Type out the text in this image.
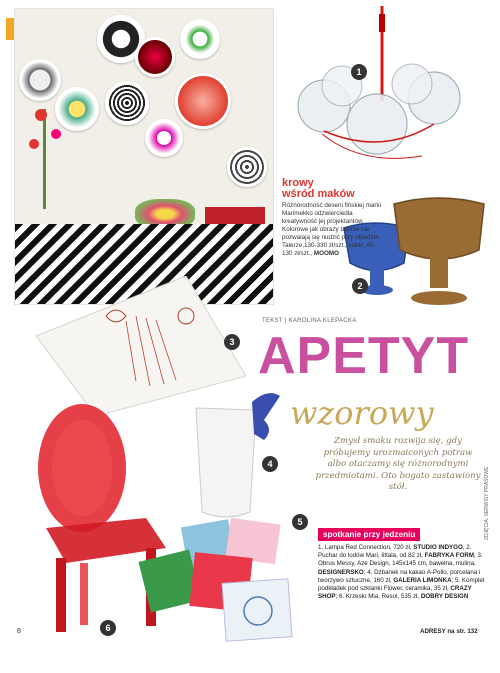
1
2
krowy
wśród maków
Różnorodność deseni fińskiej marki Marimekko odzwierciedla kreatywność jej projektantów. Kolorowe jak obrazy talerze nie pozwalają się nudzić przy obiedzie. Talerze,130-330 zł/szt., kubki, 80-130 zł/szt., MOOMO
3
TEKST | KAROLINA KLEPACKA
APETYT
wzorowy
Zmysł smaku rozwija się, gdy próbujemy urozmaiconych potraw albo otaczamy się różnorodnymi przedmiotami. Oto bogato zastawiony stół.
6
4
5
spotkanie przy jedzeniu
1. Lampa Red Connection, 720 zł, STUDIO INDYGO, 2. Puchar do lodów Mari, Iittala, od 82 zł, FABRYKA FORM, 3. Obrus Messy, Aze Design, 145x145 cm, bawełna, mulina, DESIGNERSKO; 4. Dzbanek na kakao A-Pollo, porcelana i tworzywo sztuczne, 160 zł, GALERIA LIMONKA; 5. Komplet podkładek pod szklanki Flower, ceramika, 35 zł, CRAZY SHOP; 6. Krzesło Mia, Resol, 535 zł, DOBRY DESIGN
8	ADRESY na str. 132
ZDJĘCIA: SERWISY PRASOWE
